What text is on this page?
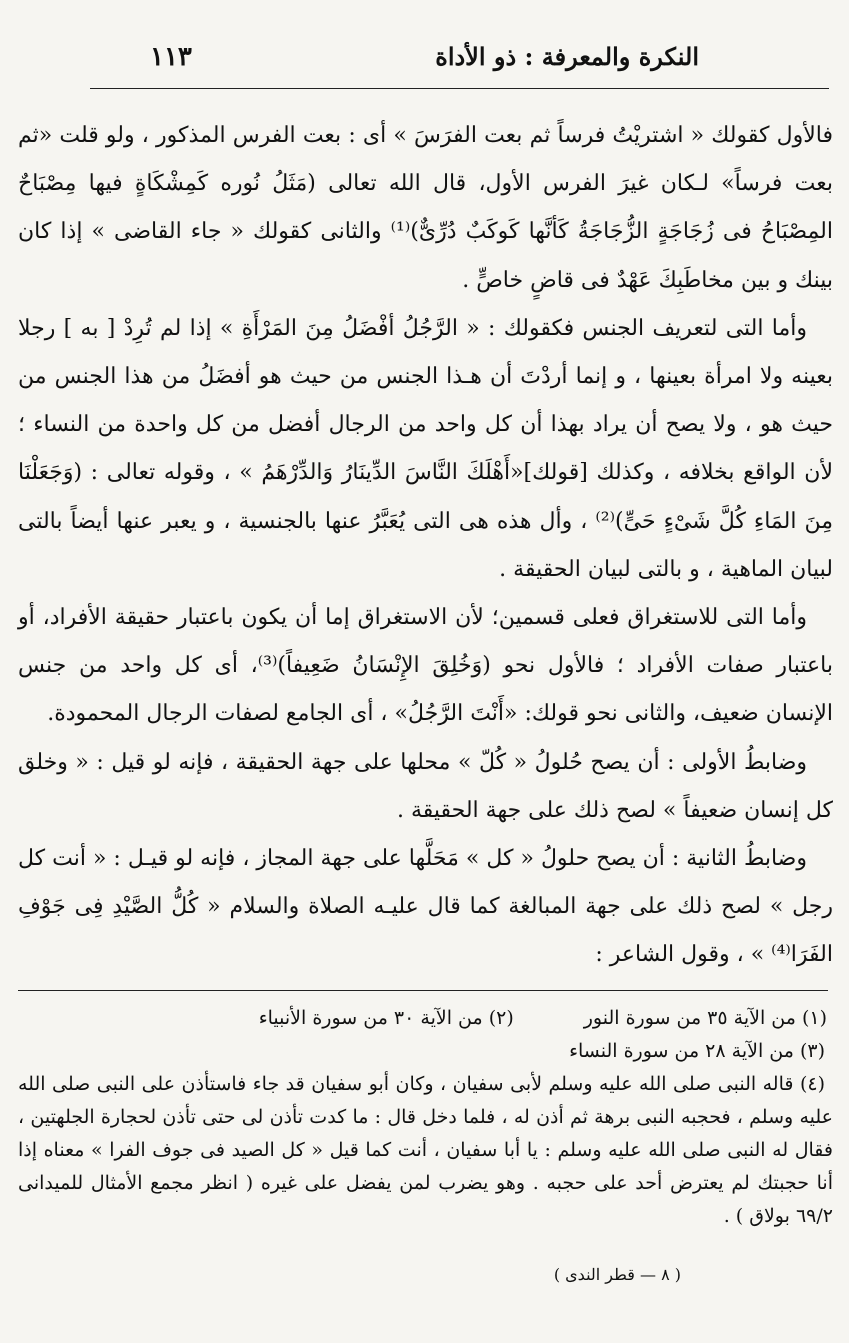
النكرة والمعرفة : ذو الأداة
١١٣

فالأول كقولك « اشتريْتُ فرساً ثم بعت الفرَسَ » أى : بعت الفرس المذكور ، ولو قلت «ثم بعت فرساً» لـكان غيرَ الفرس الأول، قال الله تعالى (مَثَلُ نُوره كَمِشْكَاةٍ فيها مِصْبَاحٌ المِصْبَاحُ فى زُجَاجَةٍ الزُّجَاجَةُ كَأنَّها كَوكَبٌ دُرِّىٌّ)⁽¹⁾ والثانى كقولك « جاء القاضى » إذا كان بينك و بين مخاطَبِكَ عَهْدٌ فى قاضٍ خاصٍّ .

وأما التى لتعريف الجنس فكقولك : « الرَّجُلُ أفْضَلُ مِنَ المَرْأَةِ » إذا لم تُرِدْ [ به ] رجلا بعينه ولا امرأة بعينها ، و إنما أردْتَ أن هـذا الجنس من حيث هو أفضَلُ من هذا الجنس من حيث هو ، ولا يصح أن يراد بهذا أن كل واحد من الرجال أفضل من كل واحدة من النساء ؛ لأن الواقع بخلافه ، وكذلك [قولك]«أَهْلَكَ النَّاسَ الدِّينَارُ وَالدِّرْهَمُ » ، وقوله تعالى : (وَجَعَلْنَا مِنَ المَاءِ كُلَّ شَىْءٍ حَىٍّ)⁽²⁾ ، وأل هذه هى التى يُعَبَّرُ عنها بالجنسية ، و يعبر عنها أيضاً بالتى لبيان الماهية ، و بالتى لبيان الحقيقة .

وأما التى للاستغراق فعلى قسمين؛ لأن الاستغراق إما أن يكون باعتبار حقيقة الأفراد، أو باعتبار صفات الأفراد ؛ فالأول نحو (وَخُلِقَ الإِنْسَانُ ضَعِيفاً)⁽³⁾، أى كل واحد من جنس الإنسان ضعيف، والثانى نحو قولك: «أَنْتَ الرَّجُلُ» ، أى الجامع لصفات الرجال المحمودة.

وضابطُ الأولى : أن يصح حُلولُ « كُلّ » محلها على جهة الحقيقة ، فإنه لو قيل : « وخلق كل إنسان ضعيفاً » لصح ذلك على جهة الحقيقة .

وضابطُ الثانية : أن يصح حلولُ « كل » مَحَلَّها على جهة المجاز ، فإنه لو قيـل : « أنت كل رجل » لصح ذلك على جهة المبالغة كما قال عليـه الصلاة والسلام « كُلُّ الصَّيْدِ فِى جَوْفِ الفَرَا⁽⁴⁾ » ، وقول الشاعر :

(١) من الآية ٣٥ من سورة النور
(٢) من الآية ٣٠ من سورة الأنبياء

(٣) من الآية ٢٨ من سورة النساء

(٤) قاله النبى صلى الله عليه وسلم لأبى سفيان ، وكان أبو سفيان قد جاء فاستأذن على النبى صلى الله عليه وسلم ، فحجبه النبى برهة ثم أذن له ، فلما دخل قال : ما كدت تأذن لى حتى تأذن لحجارة الجلهتين ، فقال له النبى صلى الله عليه وسلم : يا أبا سفيان ، أنت كما قيل « كل الصيد فى جوف الفرا » معناه إذا أنا حجبتك لم يعترض أحد على حجبه . وهو يضرب لمن يفضل على غيره ( انظر مجمع الأمثال للميدانى ٦٩/٢ بولاق ) .

( ٨ — قطر الندى )
